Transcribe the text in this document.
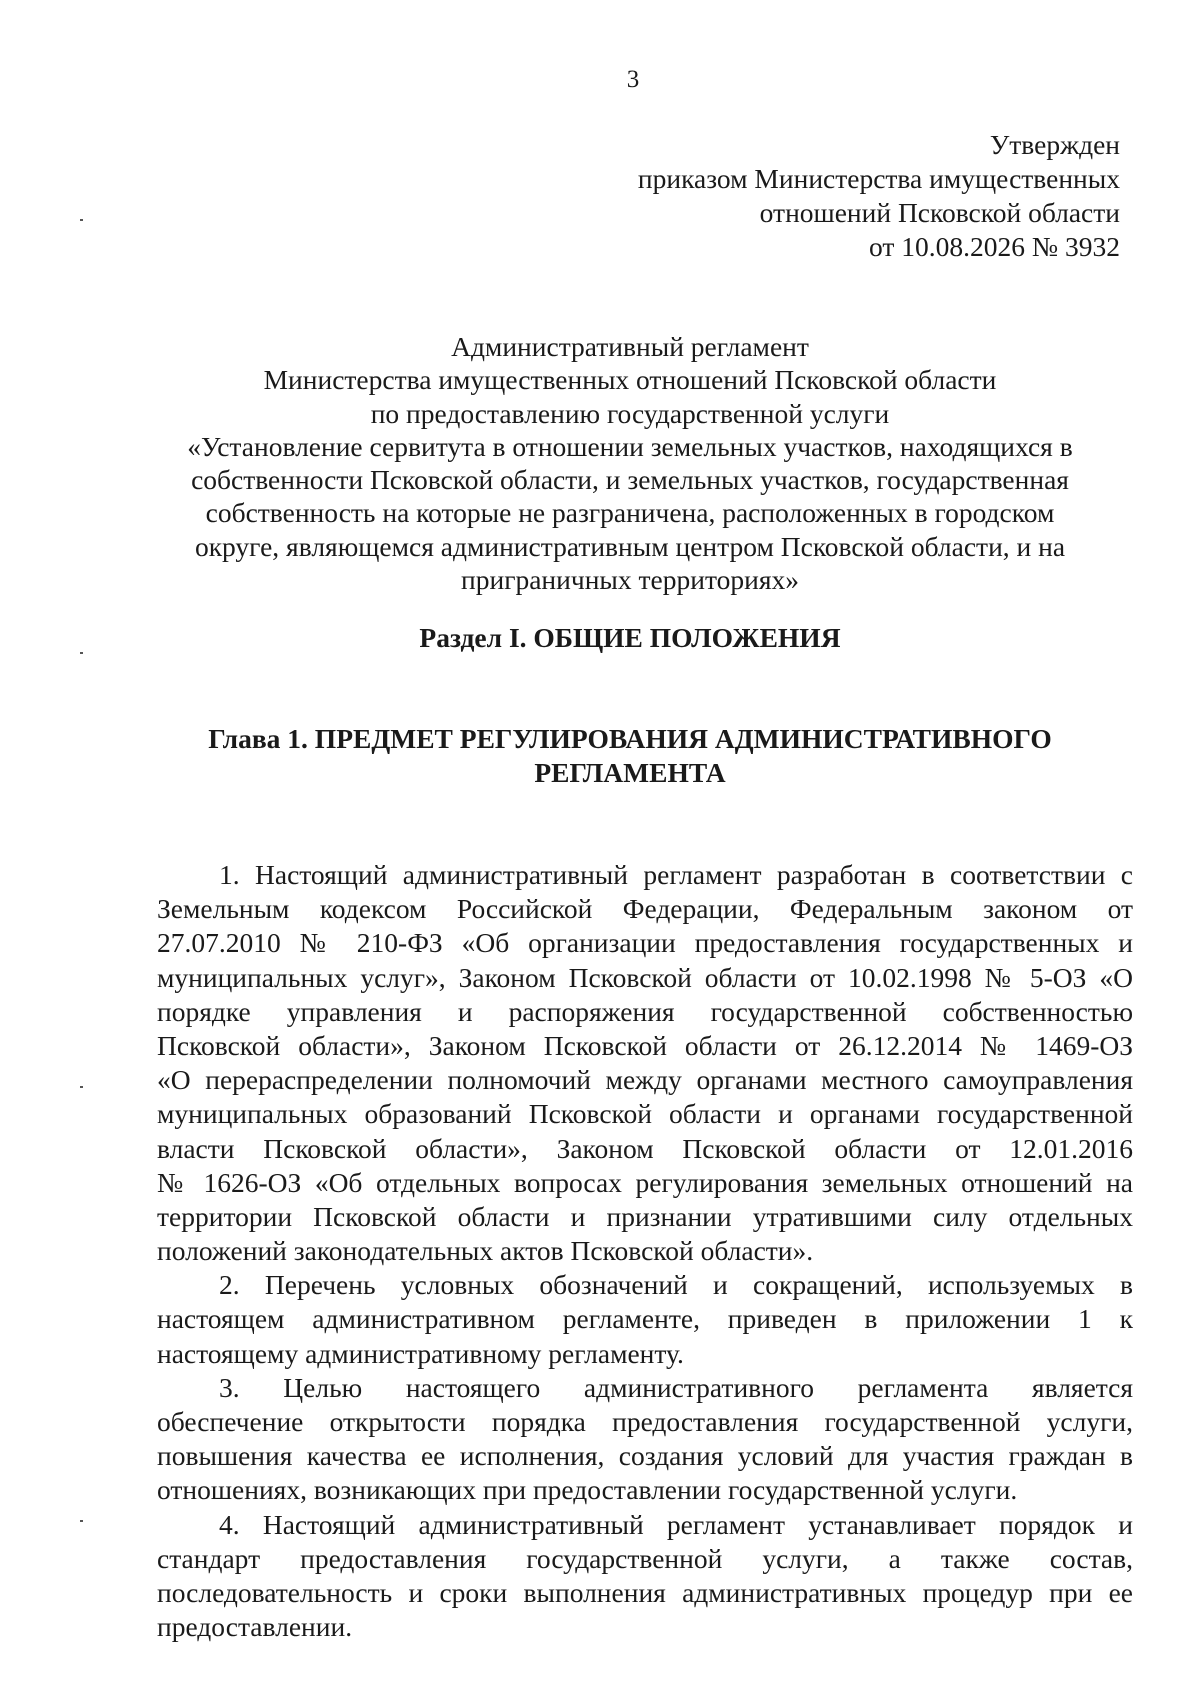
3
Утвержден
приказом Министерства имущественных
отношений Псковской области
от 10.08.2026 № 3932
Административный регламент
Министерства имущественных отношений Псковской области
по предоставлению государственной услуги
«Установление сервитута в отношении земельных участков, находящихся в
собственности Псковской области, и земельных участков, государственная
собственность на которые не разграничена, расположенных в городском
округе, являющемся административным центром Псковской области, и на
приграничных территориях»
Раздел I. ОБЩИЕ ПОЛОЖЕНИЯ
Глава 1. ПРЕДМЕТ РЕГУЛИРОВАНИЯ АДМИНИСТРАТИВНОГО
РЕГЛАМЕНТА
1. Настоящий административный регламент разработан в соответствии с
Земельным кодексом Российской Федерации, Федеральным законом от
27.07.2010 № 210-ФЗ «Об организации предоставления государственных и
муниципальных услуг», Законом Псковской области от 10.02.1998 № 5-ОЗ «О
порядке управления и распоряжения государственной собственностью
Псковской области», Законом Псковской области от 26.12.2014 № 1469-ОЗ
«О перераспределении полномочий между органами местного самоуправления
муниципальных образований Псковской области и органами государственной
власти Псковской области», Законом Псковской области от 12.01.2016
№ 1626-ОЗ «Об отдельных вопросах регулирования земельных отношений на
территории Псковской области и признании утратившими силу отдельных
положений законодательных актов Псковской области».
2. Перечень условных обозначений и сокращений, используемых в
настоящем административном регламенте, приведен в приложении 1 к
настоящему административному регламенту.
3. Целью настоящего административного регламента является
обеспечение открытости порядка предоставления государственной услуги,
повышения качества ее исполнения, создания условий для участия граждан в
отношениях, возникающих при предоставлении государственной услуги.
4. Настоящий административный регламент устанавливает порядок и
стандарт предоставления государственной услуги, а также состав,
последовательность и сроки выполнения административных процедур при ее
предоставлении.
